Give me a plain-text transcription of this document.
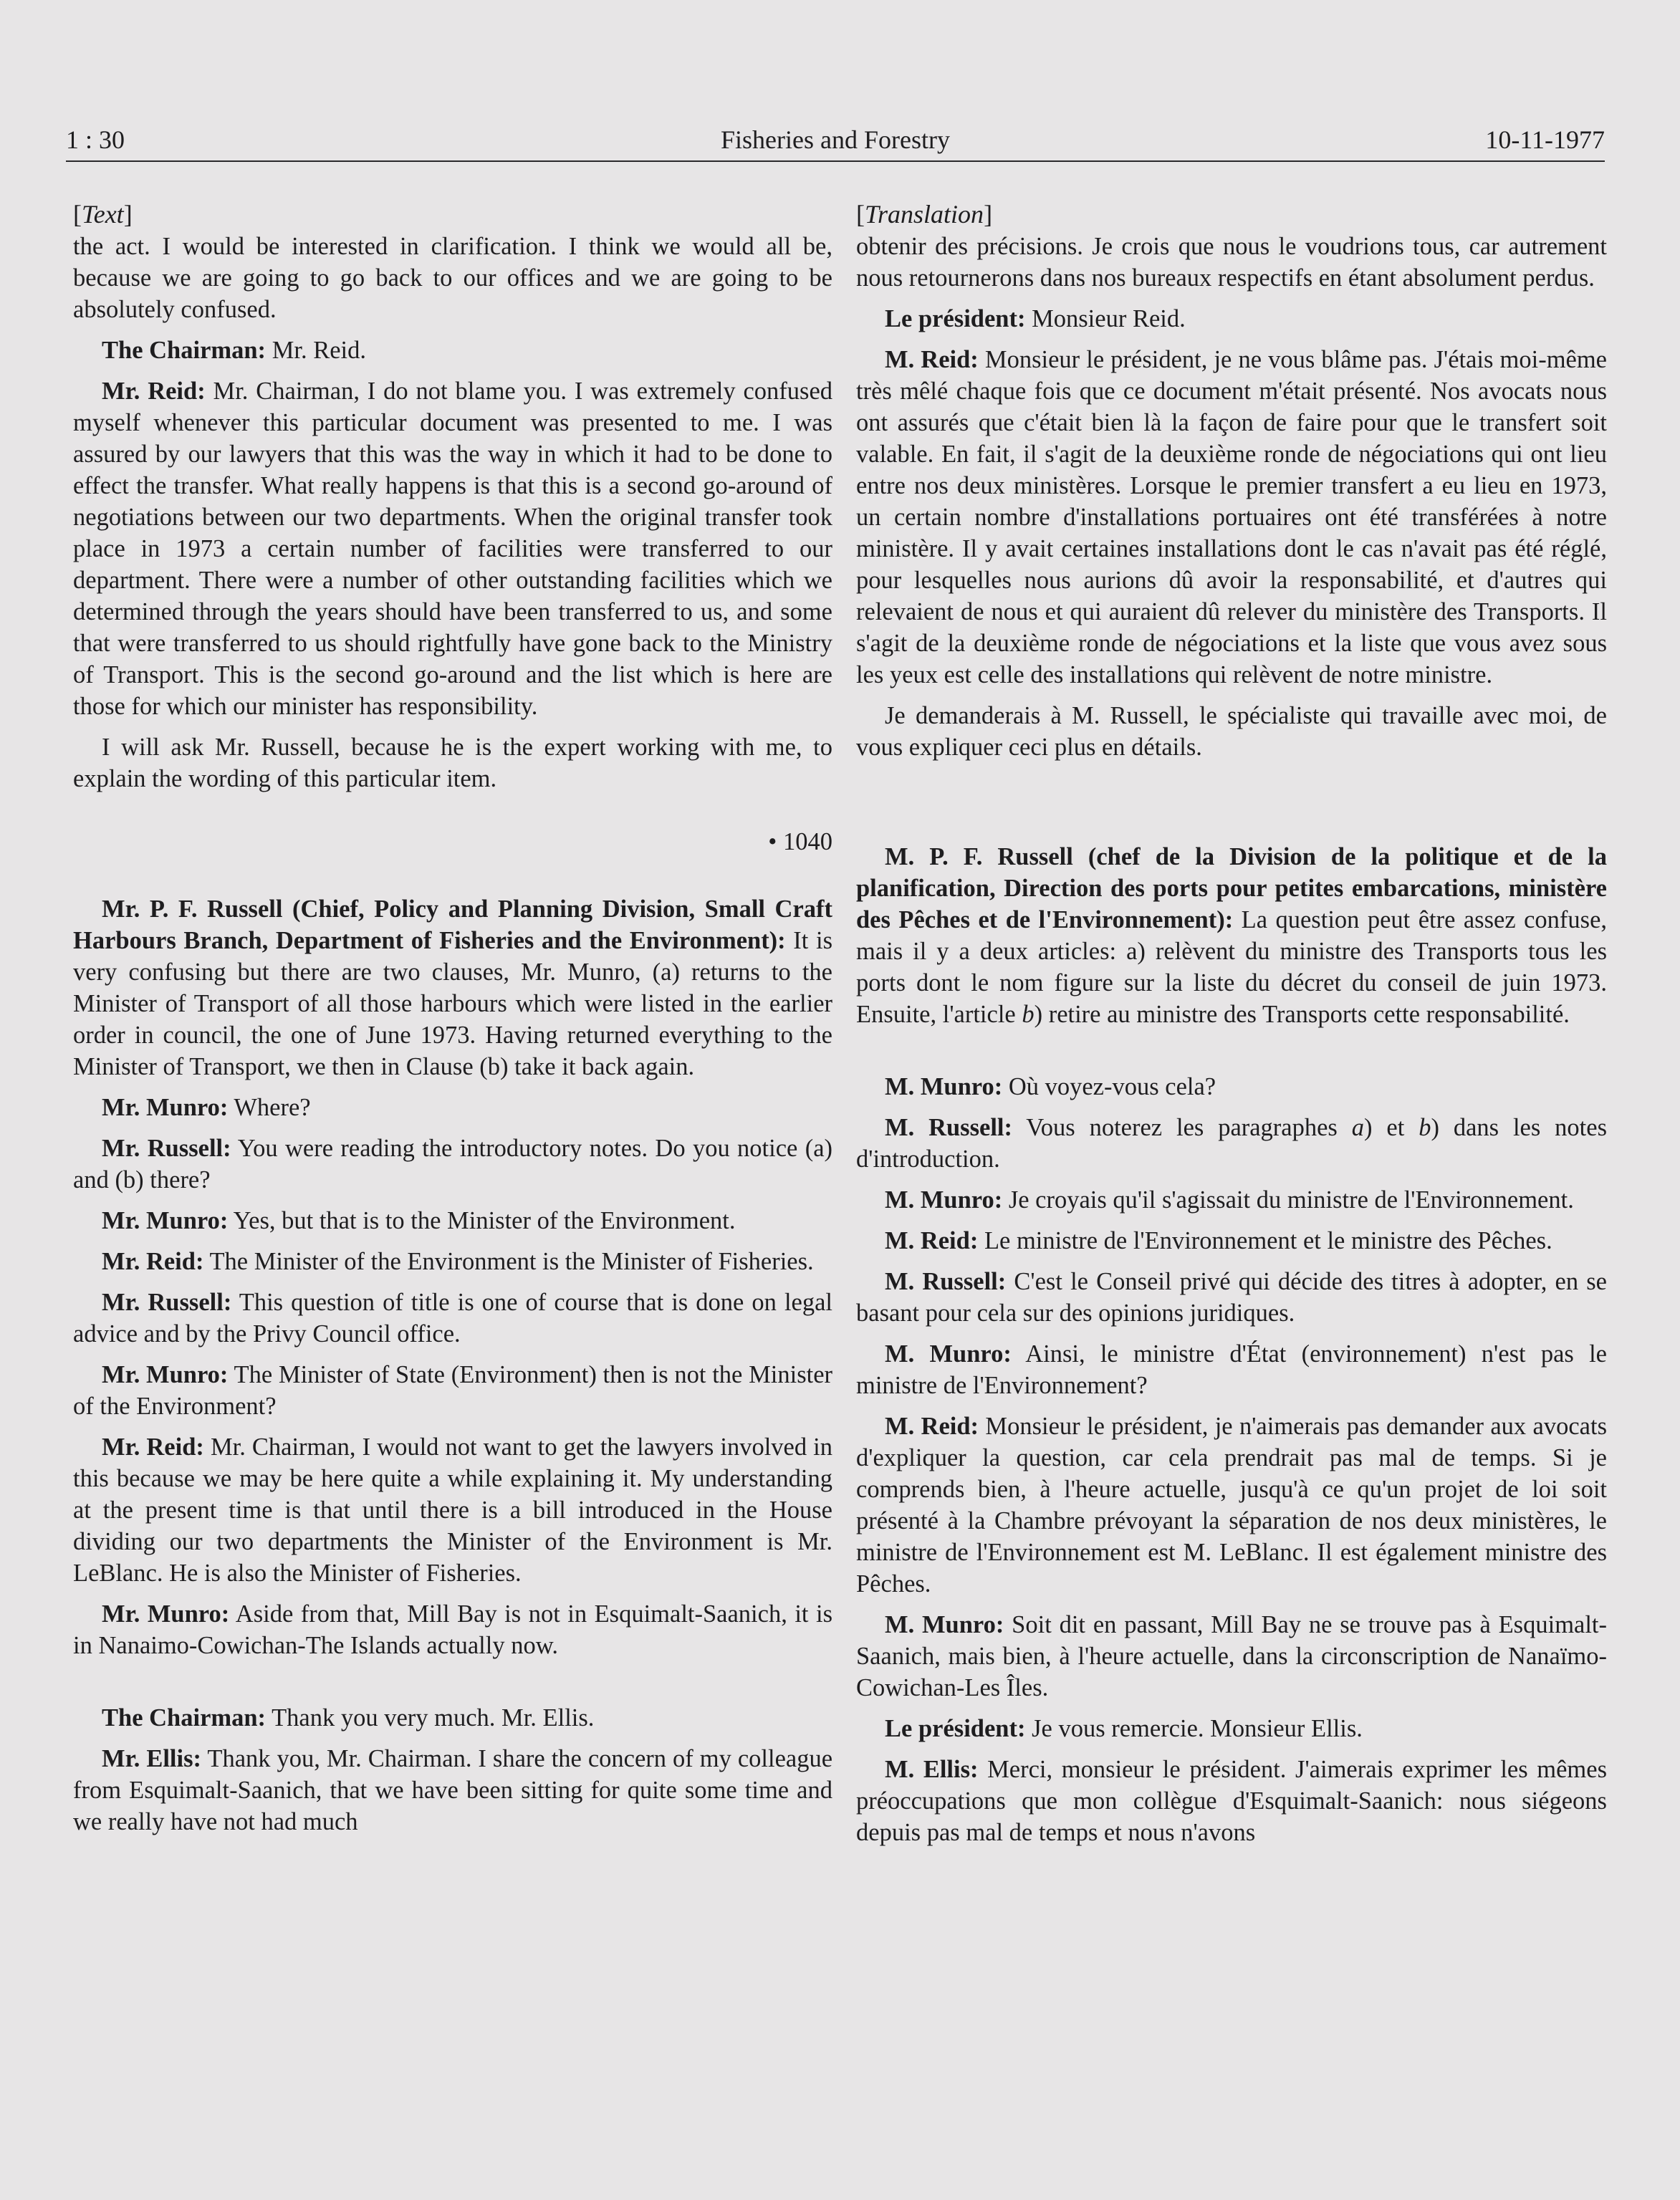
1 : 30	Fisheries and Forestry	10-11-1977

[Text]

the act. I would be interested in clarification. I think we would all be, because we are going to go back to our offices and we are going to be absolutely confused.

The Chairman: Mr. Reid.

Mr. Reid: Mr. Chairman, I do not blame you. I was extremely confused myself whenever this particular document was presented to me. I was assured by our lawyers that this was the way in which it had to be done to effect the transfer. What really happens is that this is a second go-around of negotiations between our two departments. When the original transfer took place in 1973 a certain number of facilities were transferred to our department. There were a number of other outstanding facilities which we determined through the years should have been transferred to us, and some that were transferred to us should rightfully have gone back to the Ministry of Transport. This is the second go-around and the list which is here are those for which our minister has responsibility.

I will ask Mr. Russell, because he is the expert working with me, to explain the wording of this particular item.

• 1040

Mr. P. F. Russell (Chief, Policy and Planning Division, Small Craft Harbours Branch, Department of Fisheries and the Environment): It is very confusing but there are two clauses, Mr. Munro, (a) returns to the Minister of Transport of all those harbours which were listed in the earlier order in council, the one of June 1973. Having returned everything to the Minister of Transport, we then in Clause (b) take it back again.

Mr. Munro: Where?

Mr. Russell: You were reading the introductory notes. Do you notice (a) and (b) there?

Mr. Munro: Yes, but that is to the Minister of the Environment.

Mr. Reid: The Minister of the Environment is the Minister of Fisheries.

Mr. Russell: This question of title is one of course that is done on legal advice and by the Privy Council office.

Mr. Munro: The Minister of State (Environment) then is not the Minister of the Environment?

Mr. Reid: Mr. Chairman, I would not want to get the lawyers involved in this because we may be here quite a while explaining it. My understanding at the present time is that until there is a bill introduced in the House dividing our two departments the Minister of the Environment is Mr. LeBlanc. He is also the Minister of Fisheries.

Mr. Munro: Aside from that, Mill Bay is not in Esquimalt-Saanich, it is in Nanaimo-Cowichan-The Islands actually now.

The Chairman: Thank you very much. Mr. Ellis.

Mr. Ellis: Thank you, Mr. Chairman. I share the concern of my colleague from Esquimalt-Saanich, that we have been sitting for quite some time and we really have not had much

[Translation]

obtenir des précisions. Je crois que nous le voudrions tous, car autrement nous retournerons dans nos bureaux respectifs en étant absolument perdus.

Le président: Monsieur Reid.

M. Reid: Monsieur le président, je ne vous blâme pas. J'étais moi-même très mêlé chaque fois que ce document m'était présenté. Nos avocats nous ont assurés que c'était bien là la façon de faire pour que le transfert soit valable. En fait, il s'agit de la deuxième ronde de négociations qui ont lieu entre nos deux ministères. Lorsque le premier transfert a eu lieu en 1973, un certain nombre d'installations portuaires ont été transférées à notre ministère. Il y avait certaines installations dont le cas n'avait pas été réglé, pour lesquelles nous aurions dû avoir la responsabilité, et d'autres qui relevaient de nous et qui auraient dû relever du ministère des Transports. Il s'agit de la deuxième ronde de négociations et la liste que vous avez sous les yeux est celle des installations qui relèvent de notre ministre.

Je demanderais à M. Russell, le spécialiste qui travaille avec moi, de vous expliquer ceci plus en détails.

M. P. F. Russell (chef de la Division de la politique et de la planification, Direction des ports pour petites embarcations, ministère des Pêches et de l'Environnement): La question peut être assez confuse, mais il y a deux articles: a) relèvent du ministre des Transports tous les ports dont le nom figure sur la liste du décret du conseil de juin 1973. Ensuite, l'article b) retire au ministre des Transports cette responsabilité.

M. Munro: Où voyez-vous cela?

M. Russell: Vous noterez les paragraphes a) et b) dans les notes d'introduction.

M. Munro: Je croyais qu'il s'agissait du ministre de l'Environnement.

M. Reid: Le ministre de l'Environnement et le ministre des Pêches.

M. Russell: C'est le Conseil privé qui décide des titres à adopter, en se basant pour cela sur des opinions juridiques.

M. Munro: Ainsi, le ministre d'État (environnement) n'est pas le ministre de l'Environnement?

M. Reid: Monsieur le président, je n'aimerais pas demander aux avocats d'expliquer la question, car cela prendrait pas mal de temps. Si je comprends bien, à l'heure actuelle, jusqu'à ce qu'un projet de loi soit présenté à la Chambre prévoyant la séparation de nos deux ministères, le ministre de l'Environnement est M. LeBlanc. Il est également ministre des Pêches.

M. Munro: Soit dit en passant, Mill Bay ne se trouve pas à Esquimalt-Saanich, mais bien, à l'heure actuelle, dans la circonscription de Nanaïmo-Cowichan-Les Îles.

Le président: Je vous remercie. Monsieur Ellis.

M. Ellis: Merci, monsieur le président. J'aimerais exprimer les mêmes préoccupations que mon collègue d'Esquimalt-Saanich: nous siégeons depuis pas mal de temps et nous n'avons
